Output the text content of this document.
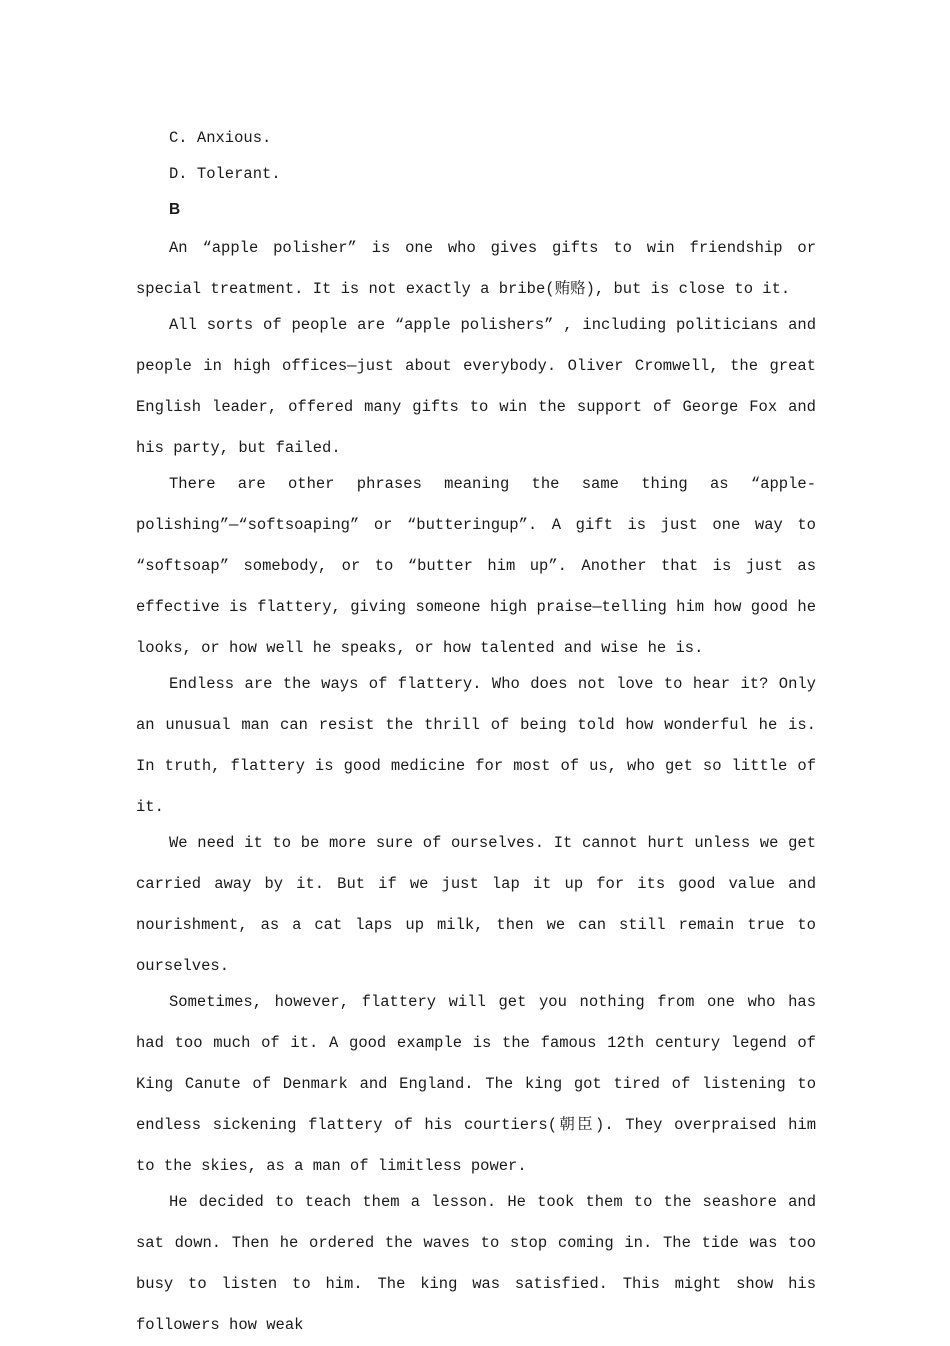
C. Anxious.

D. Tolerant.

B

An “apple polisher” is one who gives gifts to win friendship or special treatment. It is not exactly a bribe(贿赂), but is close to it.

All sorts of people are “apple polishers” , including politicians and people in high offices—just about everybody. Oliver Cromwell, the great English leader, offered many gifts to win the support of George Fox and his party, but failed.

There are other phrases meaning the same thing as “apple-polishing”—“softsoaping” or “butteringup”. A gift is just one way to “softsoap” somebody, or to “butter him up”. Another that is just as effective is flattery, giving someone high praise—telling him how good he looks, or how well he speaks, or how talented and wise he is.

Endless are the ways of flattery. Who does not love to hear it? Only an unusual man can resist the thrill of being told how wonderful he is. In truth, flattery is good medicine for most of us, who get so little of it.

We need it to be more sure of ourselves. It cannot hurt unless we get carried away by it. But if we just lap it up for its good value and nourishment, as a cat laps up milk, then we can still remain true to ourselves.

Sometimes, however, flattery will get you nothing from one who has had too much of it. A good example is the famous 12th century legend of King Canute of Denmark and England. The king got tired of listening to endless sickening flattery of his courtiers(朝臣). They overpraised him to the skies, as a man of limitless power.

He decided to teach them a lesson. He took them to the seashore and sat down. Then he ordered the waves to stop coming in. The tide was too busy to listen to him. The king was satisfied. This might show his followers how weak
